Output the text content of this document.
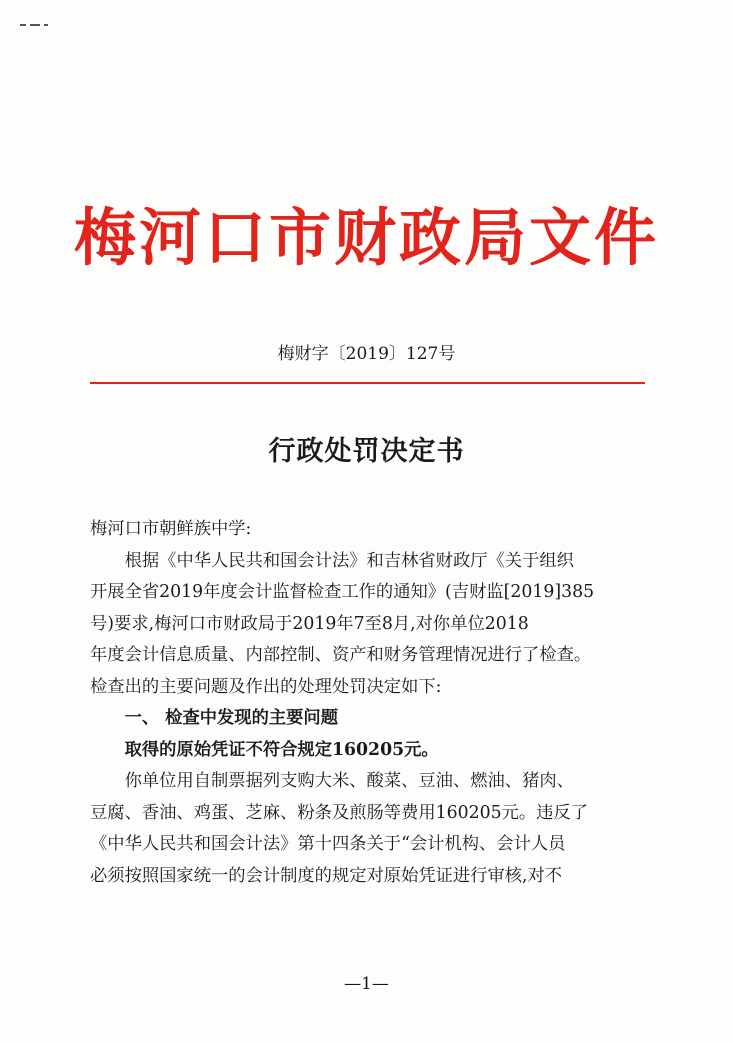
梅河口市财政局文件
梅财字〔2019〕127号
行政处罚决定书

梅河口市朝鲜族中学:

根据《中华人民共和国会计法》和吉林省财政厅《关于组织
开展全省2019年度会计监督检查工作的通知》(吉财监[2019]385
号)要求,梅河口市财政局于2019年7至8月,对你单位2018
年度会计信息质量、内部控制、资产和财务管理情况进行了检查。
检查出的主要问题及作出的处理处罚决定如下:

一、 检查中发现的主要问题

取得的原始凭证不符合规定160205元。

你单位用自制票据列支购大米、酸菜、豆油、燃油、猪肉、
豆腐、香油、鸡蛋、芝麻、粉条及煎肠等费用160205元。违反了
《中华人民共和国会计法》第十四条关于“会计机构、会计人员
必须按照国家统一的会计制度的规定对原始凭证进行审核,对不

—1—
